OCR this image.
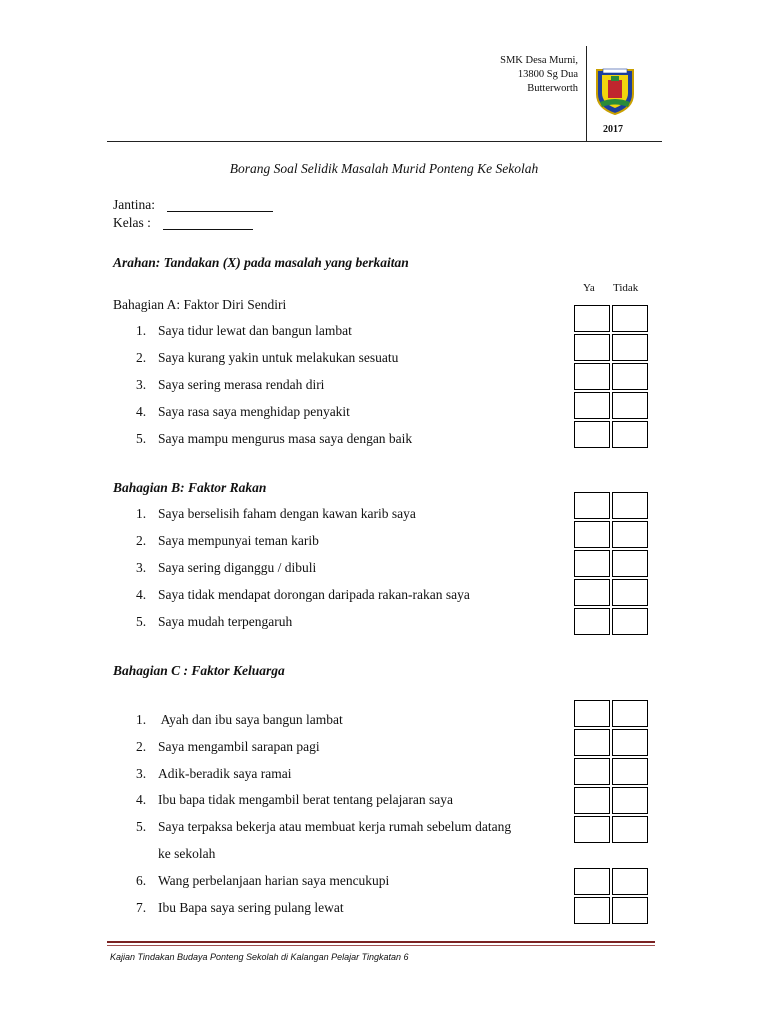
SMK Desa Murni,
13800 Sg Dua
Butterworth
2017
Borang Soal Selidik Masalah Murid Ponteng Ke Sekolah
Jantina:
Kelas :
Arahan: Tandakan (X) pada masalah yang berkaitan
Ya Tidak
Bahagian A: Faktor Diri Sendiri
1. Saya tidur lewat dan bangun lambat
2. Saya kurang yakin untuk melakukan sesuatu
3. Saya sering merasa rendah diri
4. Saya rasa saya menghidap penyakit
5. Saya mampu mengurus masa saya dengan baik
Bahagian B: Faktor Rakan
1. Saya berselisih faham dengan kawan karib saya
2. Saya mempunyai teman karib
3. Saya sering diganggu / dibuli
4. Saya tidak mendapat dorongan daripada rakan-rakan saya
5. Saya mudah terpengaruh
Bahagian C : Faktor Keluarga
1. Ayah dan ibu saya bangun lambat
2. Saya mengambil sarapan pagi
3. Adik-beradik saya ramai
4. Ibu bapa tidak mengambil berat tentang pelajaran saya
5. Saya terpaksa bekerja atau membuat kerja rumah sebelum datang
ke sekolah
6. Wang perbelanjaan harian saya mencukupi
7. Ibu Bapa saya sering pulang lewat
Kajian Tindakan Budaya Ponteng Sekolah di Kalangan Pelajar Tingkatan 6
